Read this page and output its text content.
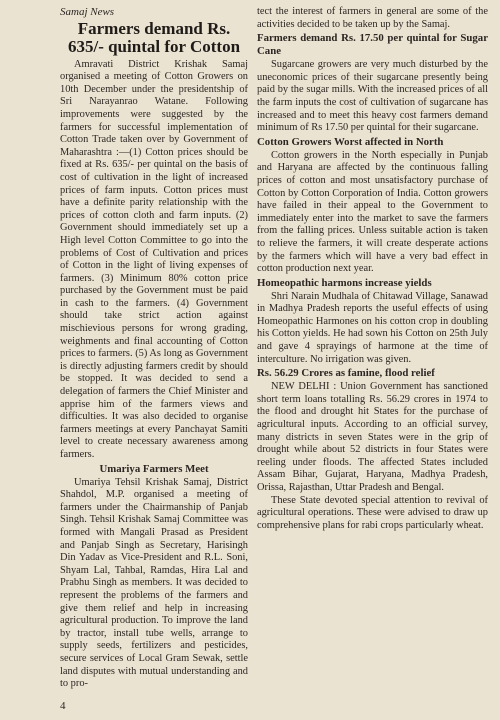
Samaj News
Farmers demand Rs. 635/- quintal for Cotton

Amravati District Krishak Samaj organised a meeting of Cotton Growers on 10th December under the presidentship of Sri Narayanrao Watane. Following improvements were suggested by the farmers for successful implementation of Cotton Trade taken over by Government of Maharashtra :—(1) Cotton prices should be fixed at Rs. 635/- per quintal on the basis of cost of cultivation in the light of increased prices of farm inputs. Cotton prices must have a definite parity relationship with the prices of cotton cloth and farm inputs. (2) Government should immediately set up a High level Cotton Committee to go into the problems of Cost of Cultivation and prices of Cotton in the light of living expenses of farmers. (3) Minimum 80% cotton price purchased by the Government must be paid in cash to the farmers. (4) Government should take strict action against mischievious persons for wrong grading, weighments and final accounting of Cotton prices to farmers. (5) As long as Government is directly adjusting farmers credit by should be stopped. It was decided to send a delegation of farmers the Chief Minister and apprise him of the farmers views and difficulties. It was also decided to organise farmers meetings at every Panchayat Samiti level to create necessary awareness among farmers.

Umariya Farmers Meet

Umariya Tehsil Krishak Samaj, District Shahdol, M.P. organised a meeting of farmers under the Chairmanship of Panjab Singh. Tehsil Krishak Samaj Committee was formed with Mangali Prasad as President and Panjab Singh as Secretary, Harisingh Din Yadav as Vice-President and R.L. Soni, Shyam Lal, Tahbal, Ramdas, Hira Lal and Prabhu Singh as members. It was decided to represent the problems of the farmers and give them relief and help in increasing agricultural production. To improve the land by tractor, install tube wells, arrange to supply seeds, fertilizers and pesticides, secure services of Local Gram Sewak, settle land disputes with mutual understanding and to pro-

tect the interest of farmers in general are some of the activities decided to be taken up by the Samaj.

Farmers demand Rs. 17.50 per quintal for Sugar Cane

Sugarcane growers are very much disturbed by the uneconomic prices of their sugarcane presently being paid by the sugar mills. With the increased prices of all the farm inputs the cost of cultivation of sugarcane has increased and to meet this heavy cost farmers demand minimum of Rs 17.50 per quintal for their sugarcane.

Cotton Growers Worst affected in North

Cotton growers in the North especially in Punjab and Haryana are affected by the continuous falling prices of cotton and most unsatisfactory purchase of Cotton by Cotton Corporation of India. Cotton growers have failed in their appeal to the Government to immediately enter into the market to save the farmers from the falling prices. Unless suitable action is taken to relieve the farmers, it will create desperate actions by the farmers which will have a very bad effect in cotton production next year.

Homeopathic harmons increase yields

Shri Narain Mudhala of Chitawad Village, Sanawad in Madhya Pradesh reports the useful effects of using Homeopathic Harmones on his cotton crop in doubling his Cotton yields. He had sown his Cotton on 25th July and gave 4 sprayings of harmone at the time of interculture. No irrigation was given.

Rs. 56.29 Crores as famine, flood relief

NEW DELHI : Union Government has sanctioned short term loans totalling Rs. 56.29 crores in 1974 to the flood and drought hit States for the purchase of agricultural inputs. According to an official survey, many districts in seven States were in the grip of drought while about 52 districts in four States were reeling under floods. The affected States included Assam Bihar, Gujarat, Haryana, Madhya Pradesh, Orissa, Rajasthan, Uttar Pradesh and Bengal.

These State devoted special attention to revival of agricultural operations. These were advised to draw up comprehensive plans for rabi crops particularly wheat.

4
